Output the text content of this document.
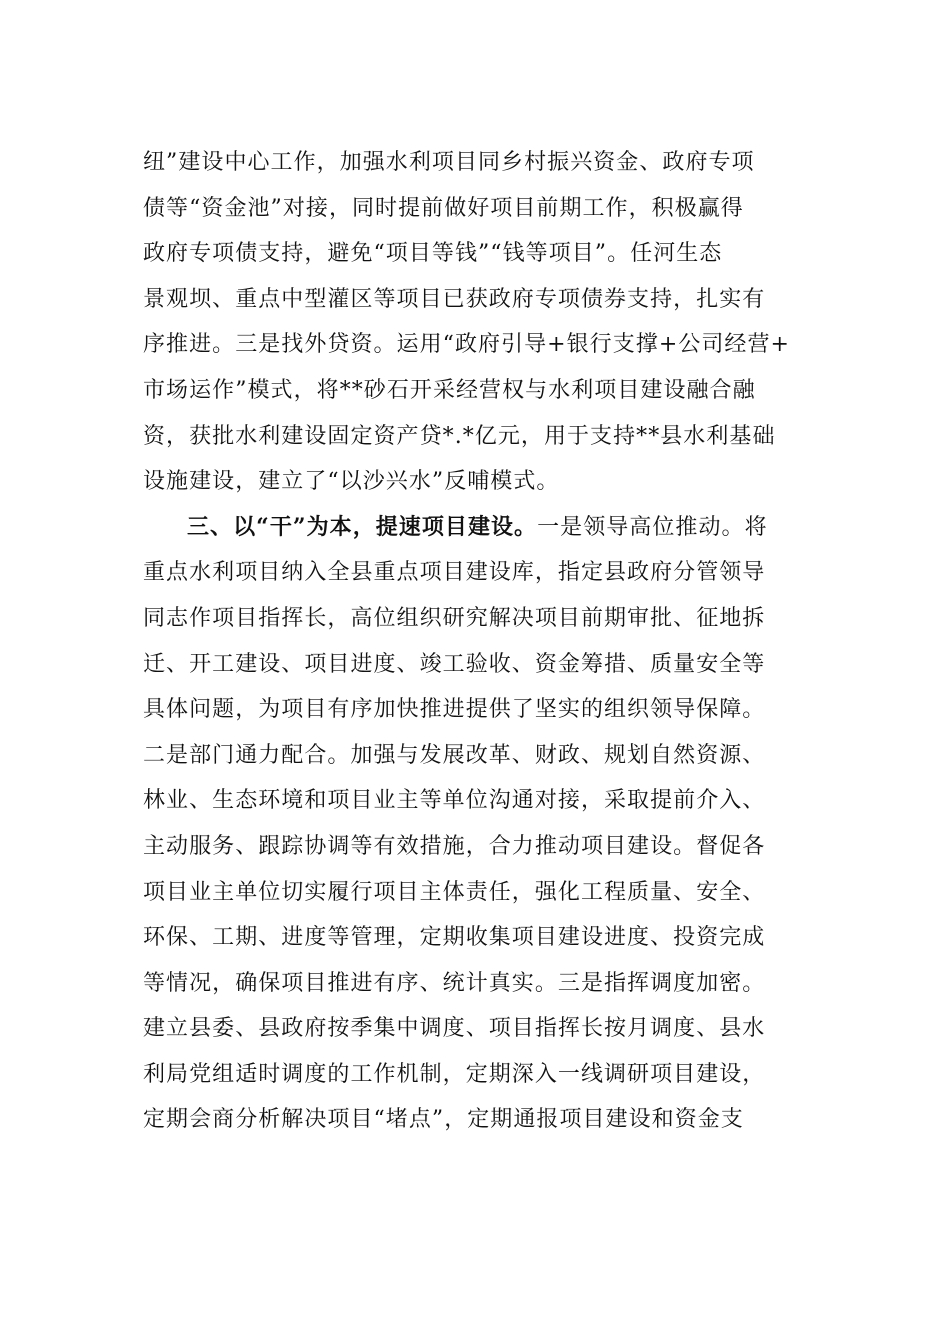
纽”建设中心工作，加强水利项目同乡村振兴资金、政府专项
债等“资金池”对接，同时提前做好项目前期工作，积极赢得
政府专项债支持，避免“项目等钱”“钱等项目”。任河生态
景观坝、重点中型灌区等项目已获政府专项债券支持，扎实有
序推进。三是找外贷资。运用“政府引导+银行支撑+公司经营+
市场运作”模式，将**砂石开采经营权与水利项目建设融合融
资，获批水利建设固定资产贷*.*亿元，用于支持**县水利基础
设施建设，建立了“以沙兴水”反哺模式。
三、以“干”为本，提速项目建设。一是领导高位推动。将
重点水利项目纳入全县重点项目建设库，指定县政府分管领导
同志作项目指挥长，高位组织研究解决项目前期审批、征地拆
迁、开工建设、项目进度、竣工验收、资金筹措、质量安全等
具体问题，为项目有序加快推进提供了坚实的组织领导保障。
二是部门通力配合。加强与发展改革、财政、规划自然资源、
林业、生态环境和项目业主等单位沟通对接，采取提前介入、
主动服务、跟踪协调等有效措施，合力推动项目建设。督促各
项目业主单位切实履行项目主体责任，强化工程质量、安全、
环保、工期、进度等管理，定期收集项目建设进度、投资完成
等情况，确保项目推进有序、统计真实。三是指挥调度加密。
建立县委、县政府按季集中调度、项目指挥长按月调度、县水
利局党组适时调度的工作机制，定期深入一线调研项目建设，
定期会商分析解决项目“堵点”，定期通报项目建设和资金支
